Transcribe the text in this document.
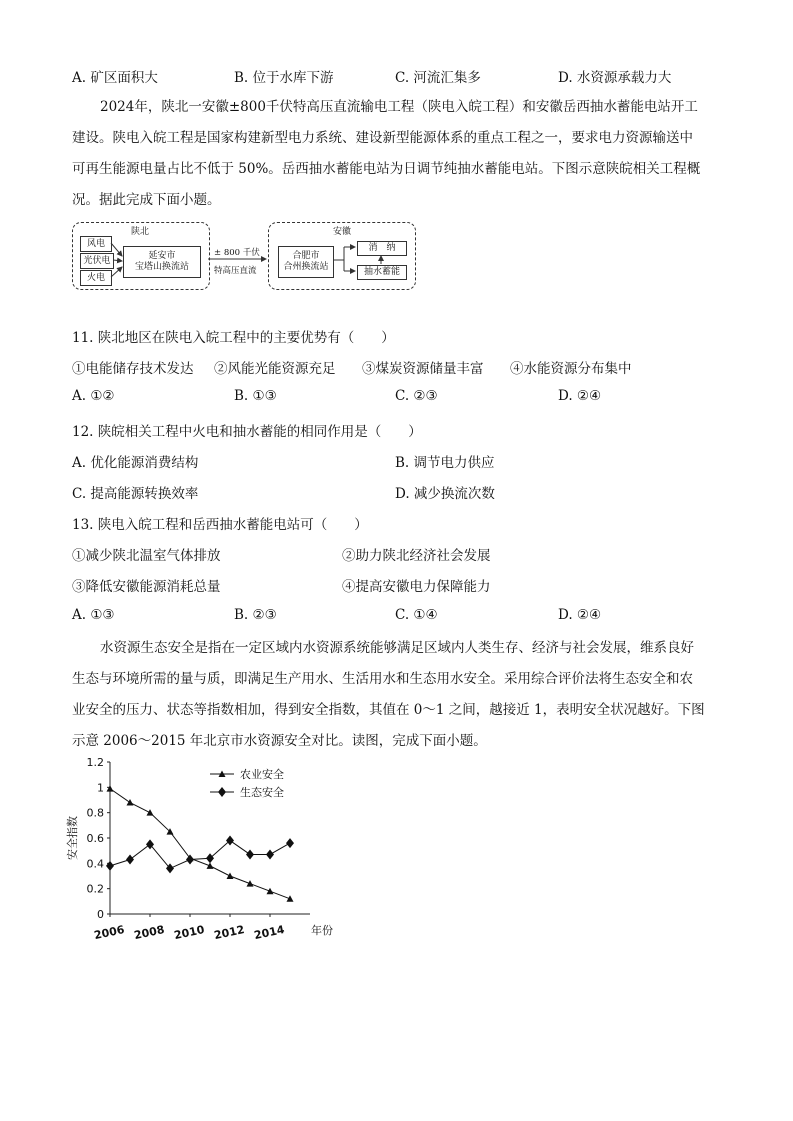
A. 矿区面积大	B. 位于水库下游	C. 河流汇集多	D. 水资源承载力大
2024年，陕北一安徽±800千伏特高压直流输电工程（陕电入皖工程）和安徽岳西抽水蓄能电站开工
建设。陕电入皖工程是国家构建新型电力系统、建设新型能源体系的重点工程之一，要求电力资源输送中
可再生能源电量占比不低于 50%。岳西抽水蓄能电站为日调节纯抽水蓄能电站。下图示意陕皖相关工程概
况。据此完成下面小题。
陕北
风电
光伏电
火电
延安市
宝塔山换流站
± 800 千伏
特高压直流
安徽
合肥市
合州换流站
消　纳
抽水蓄能
11. 陕北地区在陕电入皖工程中的主要优势有（　　）
①电能储存技术发达 ②风能光能资源充足 ③煤炭资源储量丰富 ④水能资源分布集中
A. ①②	B. ①③	C. ②③	D. ②④
12. 陕皖相关工程中火电和抽水蓄能的相同作用是（　　）
A. 优化能源消费结构	B. 调节电力供应
C. 提高能源转换效率	D. 减少换流次数
13. 陕电入皖工程和岳西抽水蓄能电站可（　　）
①减少陕北温室气体排放	②助力陕北经济社会发展
③降低安徽能源消耗总量	④提高安徽电力保障能力
A. ①③	B. ②③	C. ①④	D. ②④
水资源生态安全是指在一定区域内水资源系统能够满足区域内人类生存、经济与社会发展，维系良好
生态与环境所需的量与质，即满足生产用水、生活用水和生态用水安全。采用综合评价法将生态安全和农
业安全的压力、状态等指数相加，得到安全指数，其值在 0～1 之间，越接近 1，表明安全状况越好。下图
示意 2006～2015 年北京市水资源安全对比。读图，完成下面小题。
0
0.2
0.4
0.6
0.8
1
1.2
2006 2008 2010 2012 2014 年份
安全指数
农业安全
生态安全
